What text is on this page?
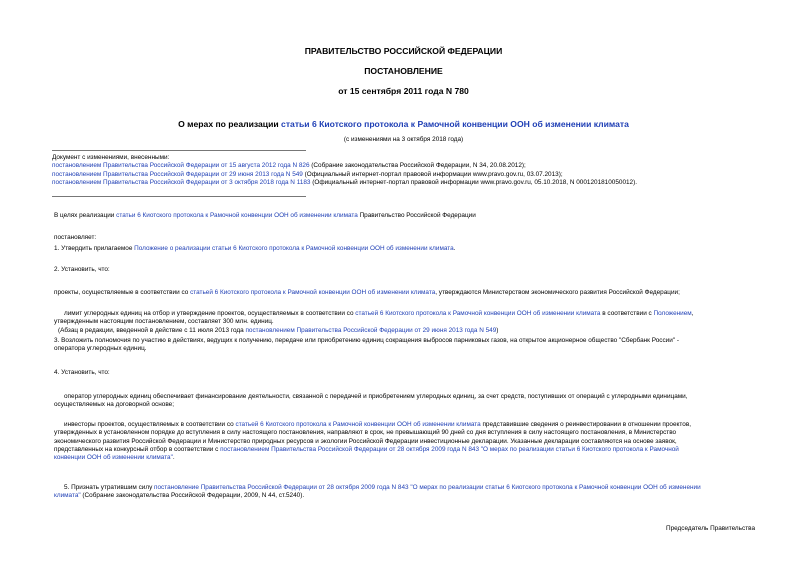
ПРАВИТЕЛЬСТВО РОССИЙСКОЙ ФЕДЕРАЦИИ
ПОСТАНОВЛЕНИЕ
от 15 сентября 2011 года N 780
О мерах по реализации статьи 6 Киотского протокола к Рамочной конвенции ООН об изменении климата
(с изменениями на 3 октября 2018 года)
Документ с изменениями, внесенными:
постановлением Правительства Российской Федерации от 15 августа 2012 года N 826 (Собрание законодательства Российской Федерации, N 34, 20.08.2012);
постановлением Правительства Российской Федерации от 29 июня 2013 года N 549 (Официальный интернет-портал правовой информации www.pravo.gov.ru, 03.07.2013);
постановлением Правительства Российской Федерации от 3 октября 2018 года N 1183 (Официальный интернет-портал правовой информации www.pravo.gov.ru, 05.10.2018, N 0001201810050012).
В целях реализации статьи 6 Киотского протокола к Рамочной конвенции ООН об изменении климата Правительство Российской Федерации
постановляет:
1. Утвердить прилагаемое Положение о реализации статьи 6 Киотского протокола к Рамочной конвенции ООН об изменении климата.
2. Установить, что:
проекты, осуществляемые в соответствии со статьей 6 Киотского протокола к Рамочной конвенции ООН об изменении климата, утверждаются Министерством экономического развития Российской Федерации;
лимит углеродных единиц на отбор и утверждение проектов, осуществляемых в соответствии со статьей 6 Киотского протокола к Рамочной конвенции ООН об изменении климата в соответствии с Положением,
утвержденным настоящим постановлением, составляет 300 млн. единиц.
(Абзац в редакции, введенной в действие с 11 июля 2013 года постановлением Правительства Российской Федерации от 29 июня 2013 года N 549)
3. Возложить полномочия по участию в действиях, ведущих к получению, передаче или приобретению единиц сокращения выбросов парниковых газов, на открытое акционерное общество "Сбербанк России" -
оператора углеродных единиц.
4. Установить, что:
оператор углеродных единиц обеспечивает финансирование деятельности, связанной с передачей и приобретением углеродных единиц, за счет средств, поступивших от операций с углеродными единицами,
осуществляемых на договорной основе;
инвесторы проектов, осуществляемых в соответствии со статьей 6 Киотского протокола к Рамочной конвенции ООН об изменении климата представившие сведения о реинвестировании в отношении проектов,
утвержденных в установленном порядке до вступления в силу настоящего постановления, направляют в срок, не превышающий 90 дней со дня вступления в силу настоящего постановления, в Министерство
экономического развития Российской Федерации и Министерство природных ресурсов и экологии Российской Федерации инвестиционные декларации. Указанные декларации составляются на основе заявок,
представленных на конкурсный отбор в соответствии с постановлением Правительства Российской Федерации от 28 октября 2009 года N 843 "О мерах по реализации статьи 6 Киотского протокола к Рамочной
конвенции ООН об изменении климата".
5. Признать утратившим силу постановление Правительства Российской Федерации от 28 октября 2009 года N 843 "О мерах по реализации статьи 6 Киотского протокола к Рамочной конвенции ООН об изменении
климата" (Собрание законодательства Российской Федерации, 2009, N 44, ст.5240).
Председатель Правительства
